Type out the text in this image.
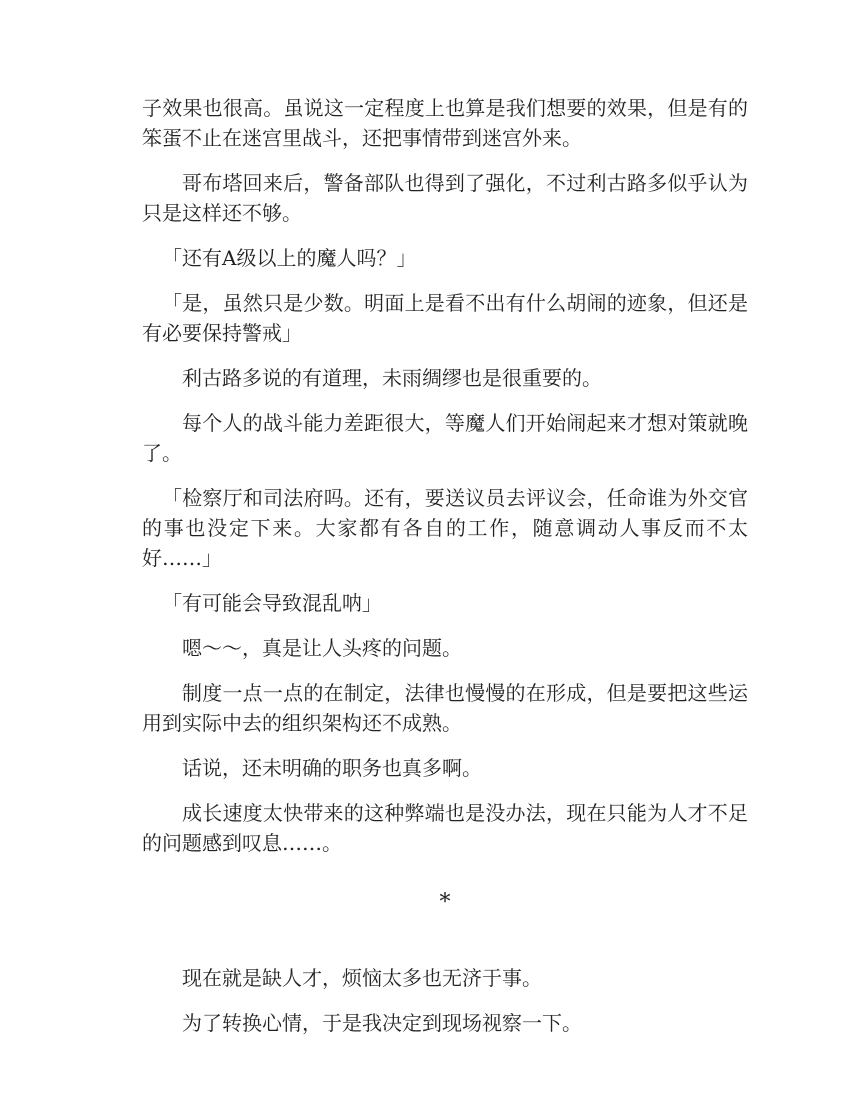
子效果也很高。虽说这一定程度上也算是我们想要的效果，但是有的笨蛋不止在迷宫里战斗，还把事情带到迷宫外来。

哥布塔回来后，警备部队也得到了强化，不过利古路多似乎认为只是这样还不够。

「还有A级以上的魔人吗？」

「是，虽然只是少数。明面上是看不出有什么胡闹的迹象，但还是有必要保持警戒」

利古路多说的有道理，未雨绸缪也是很重要的。

每个人的战斗能力差距很大，等魔人们开始闹起来才想对策就晚了。

「检察厅和司法府吗。还有，要送议员去评议会，任命谁为外交官的事也没定下来。大家都有各自的工作，随意调动人事反而不太好……」

「有可能会导致混乱呐」

嗯～～，真是让人头疼的问题。

制度一点一点的在制定，法律也慢慢的在形成，但是要把这些运用到实际中去的组织架构还不成熟。

话说，还未明确的职务也真多啊。

成长速度太快带来的这种弊端也是没办法，现在只能为人才不足的问题感到叹息……。

*

现在就是缺人才，烦恼太多也无济于事。

为了转换心情，于是我决定到现场视察一下。
